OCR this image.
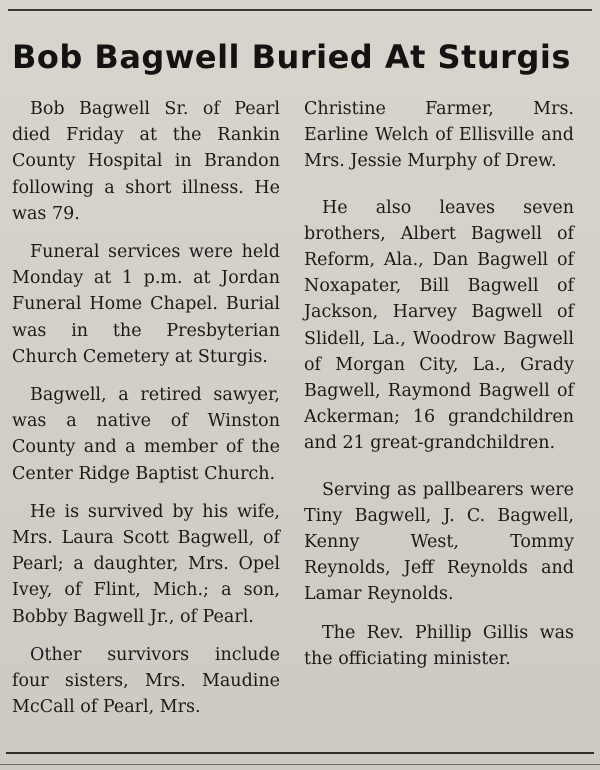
Bob Bagwell Buried At Sturgis

Bob Bagwell Sr. of Pearl died Friday at the Rankin County Hospital in Brandon following a short illness. He was 79.

Funeral services were held Monday at 1 p.m. at Jordan Funeral Home Chapel. Burial was in the Presbyterian Church Cemetery at Sturgis.

Bagwell, a retired sawyer, was a native of Winston County and a member of the Center Ridge Baptist Church.

He is survived by his wife, Mrs. Laura Scott Bagwell, of Pearl; a daughter, Mrs. Opel Ivey, of Flint, Mich.; a son, Bobby Bagwell Jr., of Pearl.

Other survivors include four sisters, Mrs. Maudine McCall of Pearl, Mrs.

Christine Farmer, Mrs. Earline Welch of Ellisville and Mrs. Jessie Murphy of Drew.

He also leaves seven brothers, Albert Bagwell of Reform, Ala., Dan Bagwell of Noxapater, Bill Bagwell of Jackson, Harvey Bagwell of Slidell, La., Woodrow Bagwell of Morgan City, La., Grady Bagwell, Raymond Bagwell of Ackerman; 16 grandchildren and 21 great-grandchildren.

Serving as pallbearers were Tiny Bagwell, J. C. Bagwell, Kenny West, Tommy Reynolds, Jeff Reynolds and Lamar Reynolds.

The Rev. Phillip Gillis was the officiating minister.
